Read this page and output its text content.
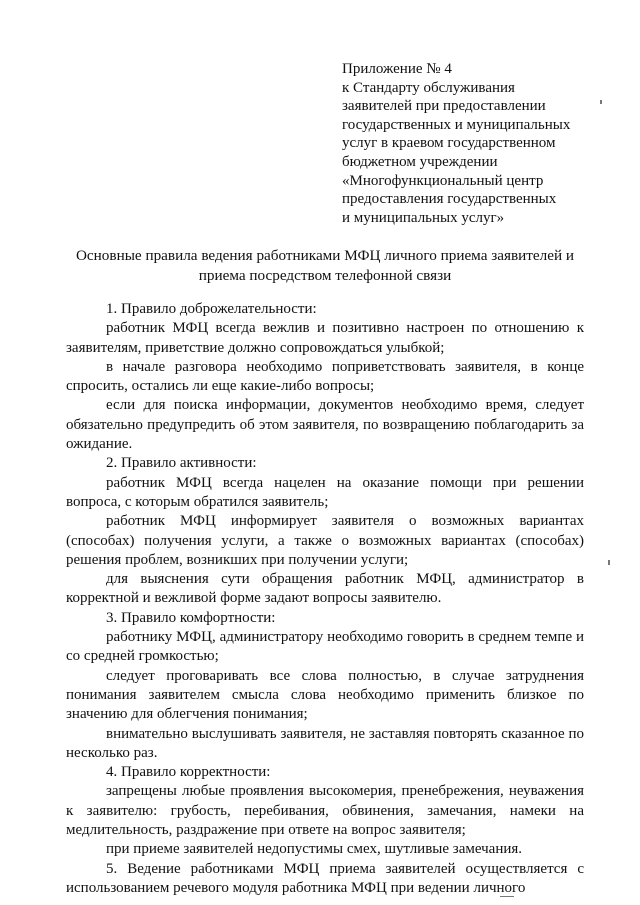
Приложение № 4
к Стандарту обслуживания
заявителей при предоставлении
государственных и муниципальных
услуг в краевом государственном
бюджетном учреждении
«Многофункциональный центр
предоставления государственных
и муниципальных услуг»
Основные правила ведения работниками МФЦ личного приема заявителей и
приема посредством телефонной связи

1. Правило доброжелательности:

работник МФЦ всегда вежлив и позитивно настроен по отношению к заявителям, приветствие должно сопровождаться улыбкой;

в начале разговора необходимо поприветствовать заявителя, в конце спросить, остались ли еще какие-либо вопросы;

если для поиска информации, документов необходимо время, следует обязательно предупредить об этом заявителя, по возвращению поблагодарить за ожидание.

2. Правило активности:

работник МФЦ всегда нацелен на оказание помощи при решении вопроса, с которым обратился заявитель;

работник МФЦ информирует заявителя о возможных вариантах (способах) получения услуги, а также о возможных вариантах (способах) решения проблем, возникших при получении услуги;

для выяснения сути обращения работник МФЦ, администратор в корректной и вежливой форме задают вопросы заявителю.

3. Правило комфортности:

работнику МФЦ, администратору необходимо говорить в среднем темпе и со средней громкостью;

следует проговаривать все слова полностью, в случае затруднения понимания заявителем смысла слова необходимо применить близкое по значению для облегчения понимания;

внимательно выслушивать заявителя, не заставляя повторять сказанное по несколько раз.

4. Правило корректности:

запрещены любые проявления высокомерия, пренебрежения, неуважения к заявителю: грубость, перебивания, обвинения, замечания, намеки на медлительность, раздражение при ответе на вопрос заявителя;

при приеме заявителей недопустимы смех, шутливые замечания.

5. Ведение работниками МФЦ приема заявителей осуществляется с использованием речевого модуля работника МФЦ при ведении личного
